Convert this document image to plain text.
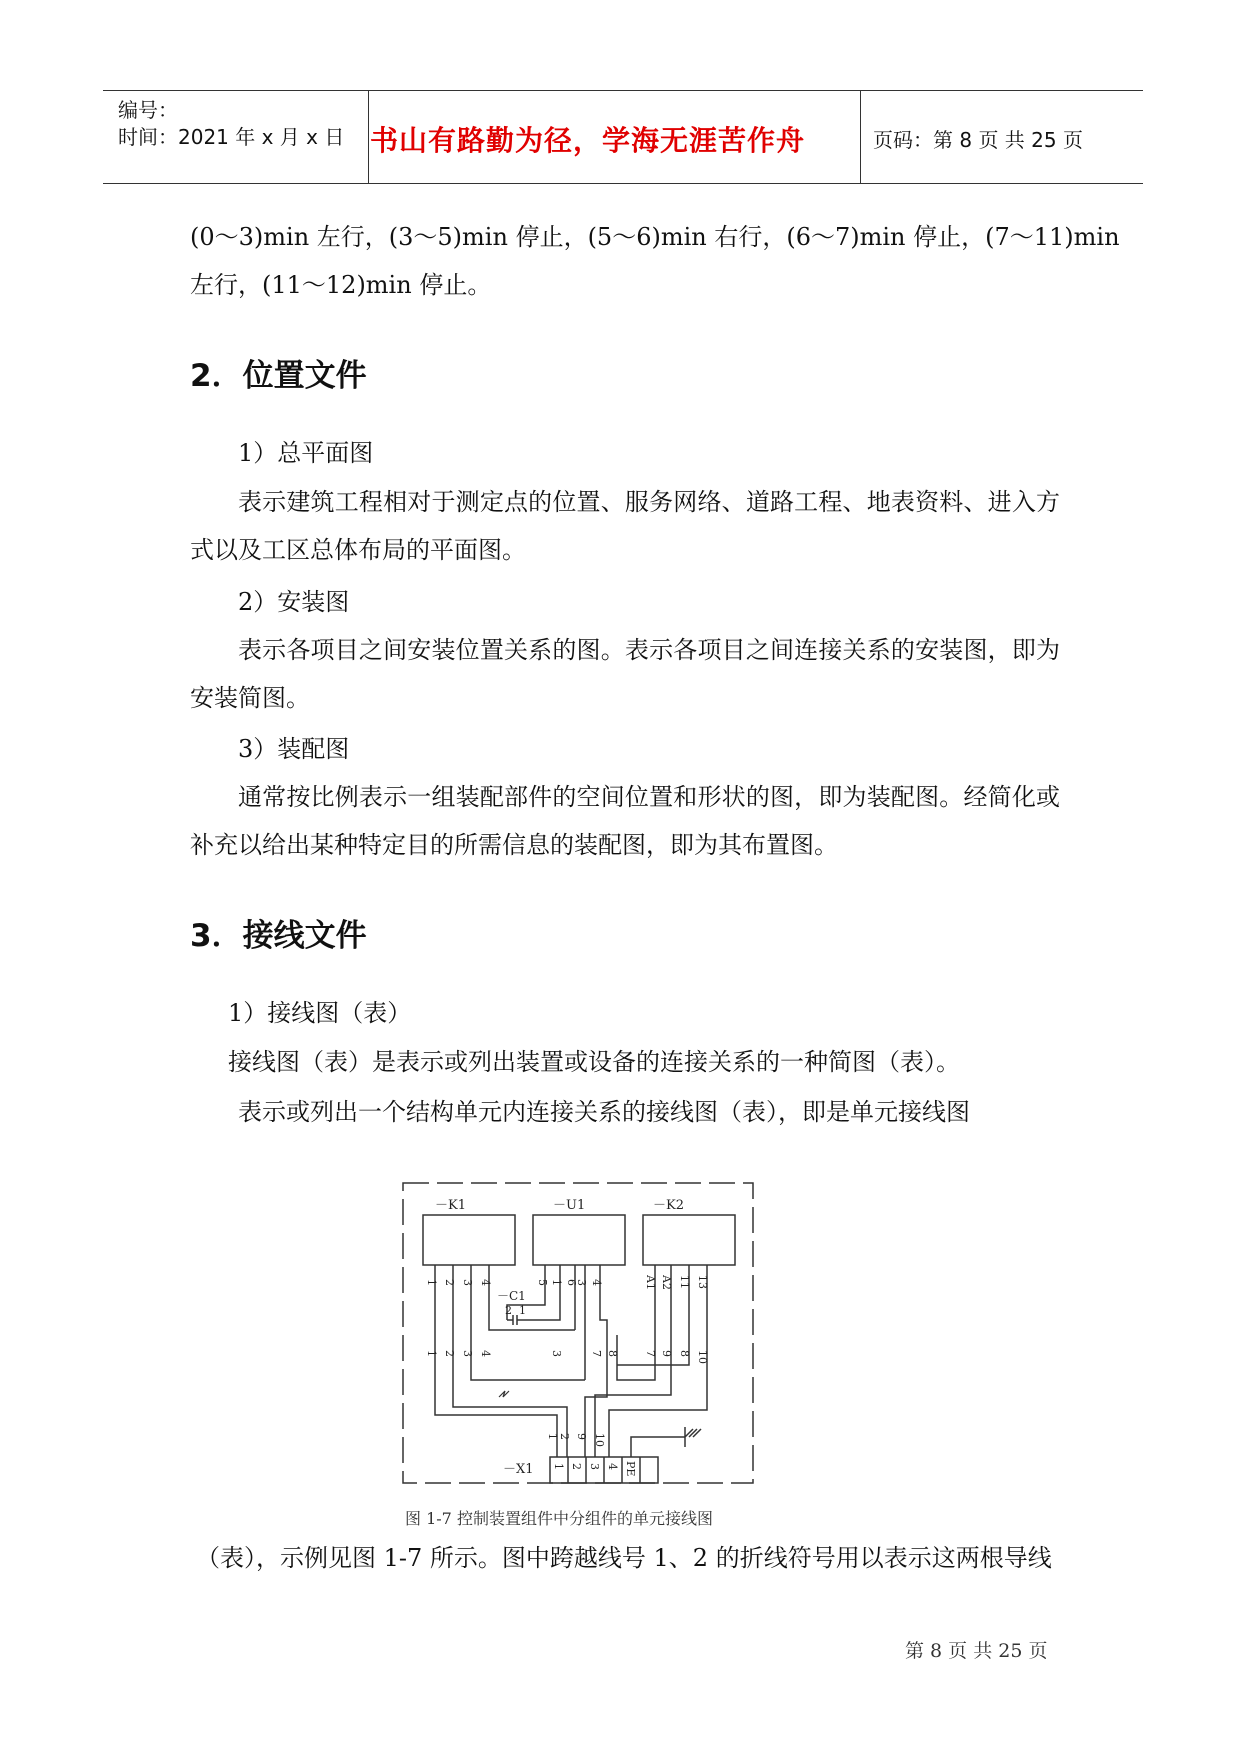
编号：
时间：2021 年 x 月 x 日 书山有路勤为径，学海无涯苦作舟	页码：第 8 页 共 25 页
(0～3)min 左行，(3～5)min 停止，(5～6)min 右行，(6～7)min 停止，(7～11)min
左行，(11～12)min 停止。
2．位置文件
1）总平面图
表示建筑工程相对于测定点的位置、服务网络、道路工程、地表资料、进入方式以及工区总体布局的平面图。
2）安装图
表示各项目之间安装位置关系的图。表示各项目之间连接关系的安装图，即为安装简图。
3）装配图
通常按比例表示一组装配部件的空间位置和形状的图，即为装配图。经简化或补充以给出某种特定目的所需信息的装配图，即为其布置图。
3．接线文件
1）接线图（表）
接线图（表）是表示或列出装置或设备的连接关系的一种简图（表）。
表示或列出一个结构单元内连接关系的接线图（表），即是单元接线图
－K1	－U1	－K2
－C1
－X1
1 2 3 4	5 1 6
3 4
2 1
A1 A2 11 13
1 2 3 4	3 7 8 7 9 8 10
1 2 9 10
1 2 3 4 PE
图 1-7 控制装置组件中分组件的单元接线图
（表），示例见图 1-7 所示。图中跨越线号 1、2 的折线符号用以表示这两根导线
第 8 页 共 25 页
